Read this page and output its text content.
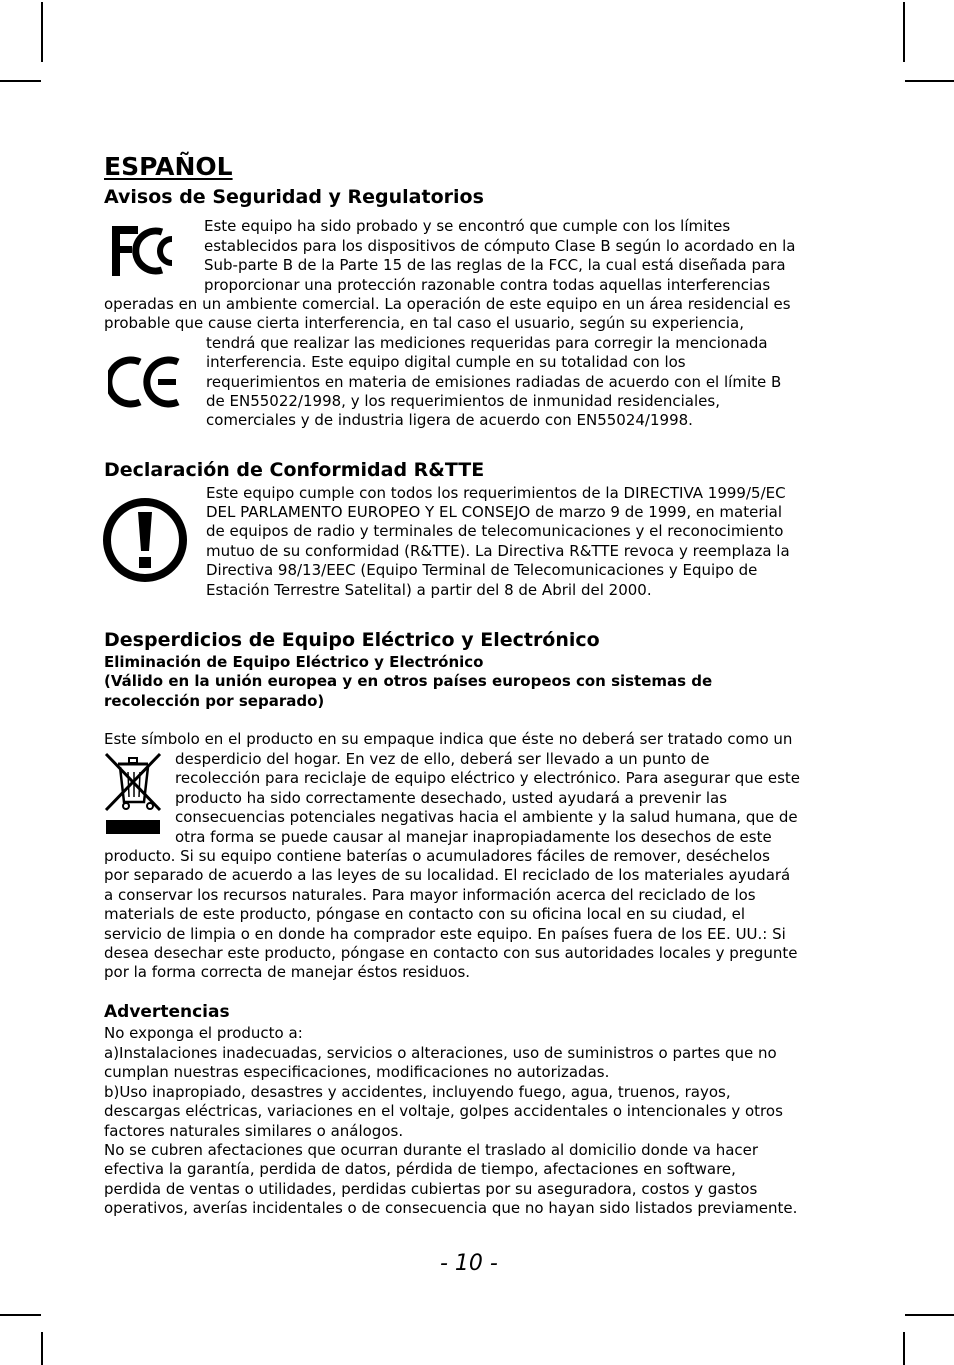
ESPAÑOL
Avisos de Seguridad y Regulatorios
Este equipo ha sido probado y se encontró que cumple con los límites
establecidos para los dispositivos de cómputo Clase B según lo acordado en la
Sub-parte B de la Parte 15 de las reglas de la FCC, la cual está diseñada para
proporcionar una protección razonable contra todas aquellas interferencias
operadas en un ambiente comercial. La operación de este equipo en un área residencial es
probable que cause cierta interferencia, en tal caso el usuario, según su experiencia,
tendrá que realizar las mediciones requeridas para corregir la mencionada
interferencia. Este equipo digital cumple en su totalidad con los
requerimientos en materia de emisiones radiadas de acuerdo con el límite B
de EN55022/1998, y los requerimientos de inmunidad residenciales,
comerciales y de industria ligera de acuerdo con EN55024/1998.
Declaración de Conformidad R&TTE
Este equipo cumple con todos los requerimientos de la DIRECTIVA 1999/5/EC
DEL PARLAMENTO EUROPEO Y EL CONSEJO de marzo 9 de 1999, en material
de equipos de radio y terminales de telecomunicaciones y el reconocimiento
mutuo de su conformidad (R&TTE). La Directiva R&TTE revoca y reemplaza la
Directiva 98/13/EEC (Equipo Terminal de Telecomunicaciones y Equipo de
Estación Terrestre Satelital) a partir del 8 de Abril del 2000.
Desperdicios de Equipo Eléctrico y Electrónico
Eliminación de Equipo Eléctrico y Electrónico
(Válido en la unión europea y en otros países europeos con sistemas de
recolección por separado)
Este símbolo en el producto en su empaque indica que éste no deberá ser tratado como un
desperdicio del hogar. En vez de ello, deberá ser llevado a un punto de
recolección para reciclaje de equipo eléctrico y electrónico. Para asegurar que este
producto ha sido correctamente desechado, usted ayudará a prevenir las
consecuencias potenciales negativas hacia el ambiente y la salud humana, que de
otra forma se puede causar al manejar inapropiadamente los desechos de este
producto. Si su equipo contiene baterías o acumuladores fáciles de remover, deséchelos
por separado de acuerdo a las leyes de su localidad. El reciclado de los materiales ayudará
a conservar los recursos naturales. Para mayor información acerca del reciclado de los
materials de este producto, póngase en contacto con su oficina local en su ciudad, el
servicio de limpia o en donde ha comprador este equipo. En países fuera de los EE. UU.: Si
desea desechar este producto, póngase en contacto con sus autoridades locales y pregunte
por la forma correcta de manejar éstos residuos.
Advertencias
No exponga el producto a:
a)Instalaciones inadecuadas, servicios o alteraciones, uso de suministros o partes que no
cumplan nuestras especificaciones, modificaciones no autorizadas.
b)Uso inapropiado, desastres y accidentes, incluyendo fuego, agua, truenos, rayos,
descargas eléctricas, variaciones en el voltaje, golpes accidentales o intencionales y otros
factores naturales similares o análogos.
No se cubren afectaciones que ocurran durante el traslado al domicilio donde va hacer
efectiva la garantía, perdida de datos, pérdida de tiempo, afectaciones en software,
perdida de ventas o utilidades, perdidas cubiertas por su aseguradora, costos y gastos
operativos, averías incidentales o de consecuencia que no hayan sido listados previamente.
- 10 -
